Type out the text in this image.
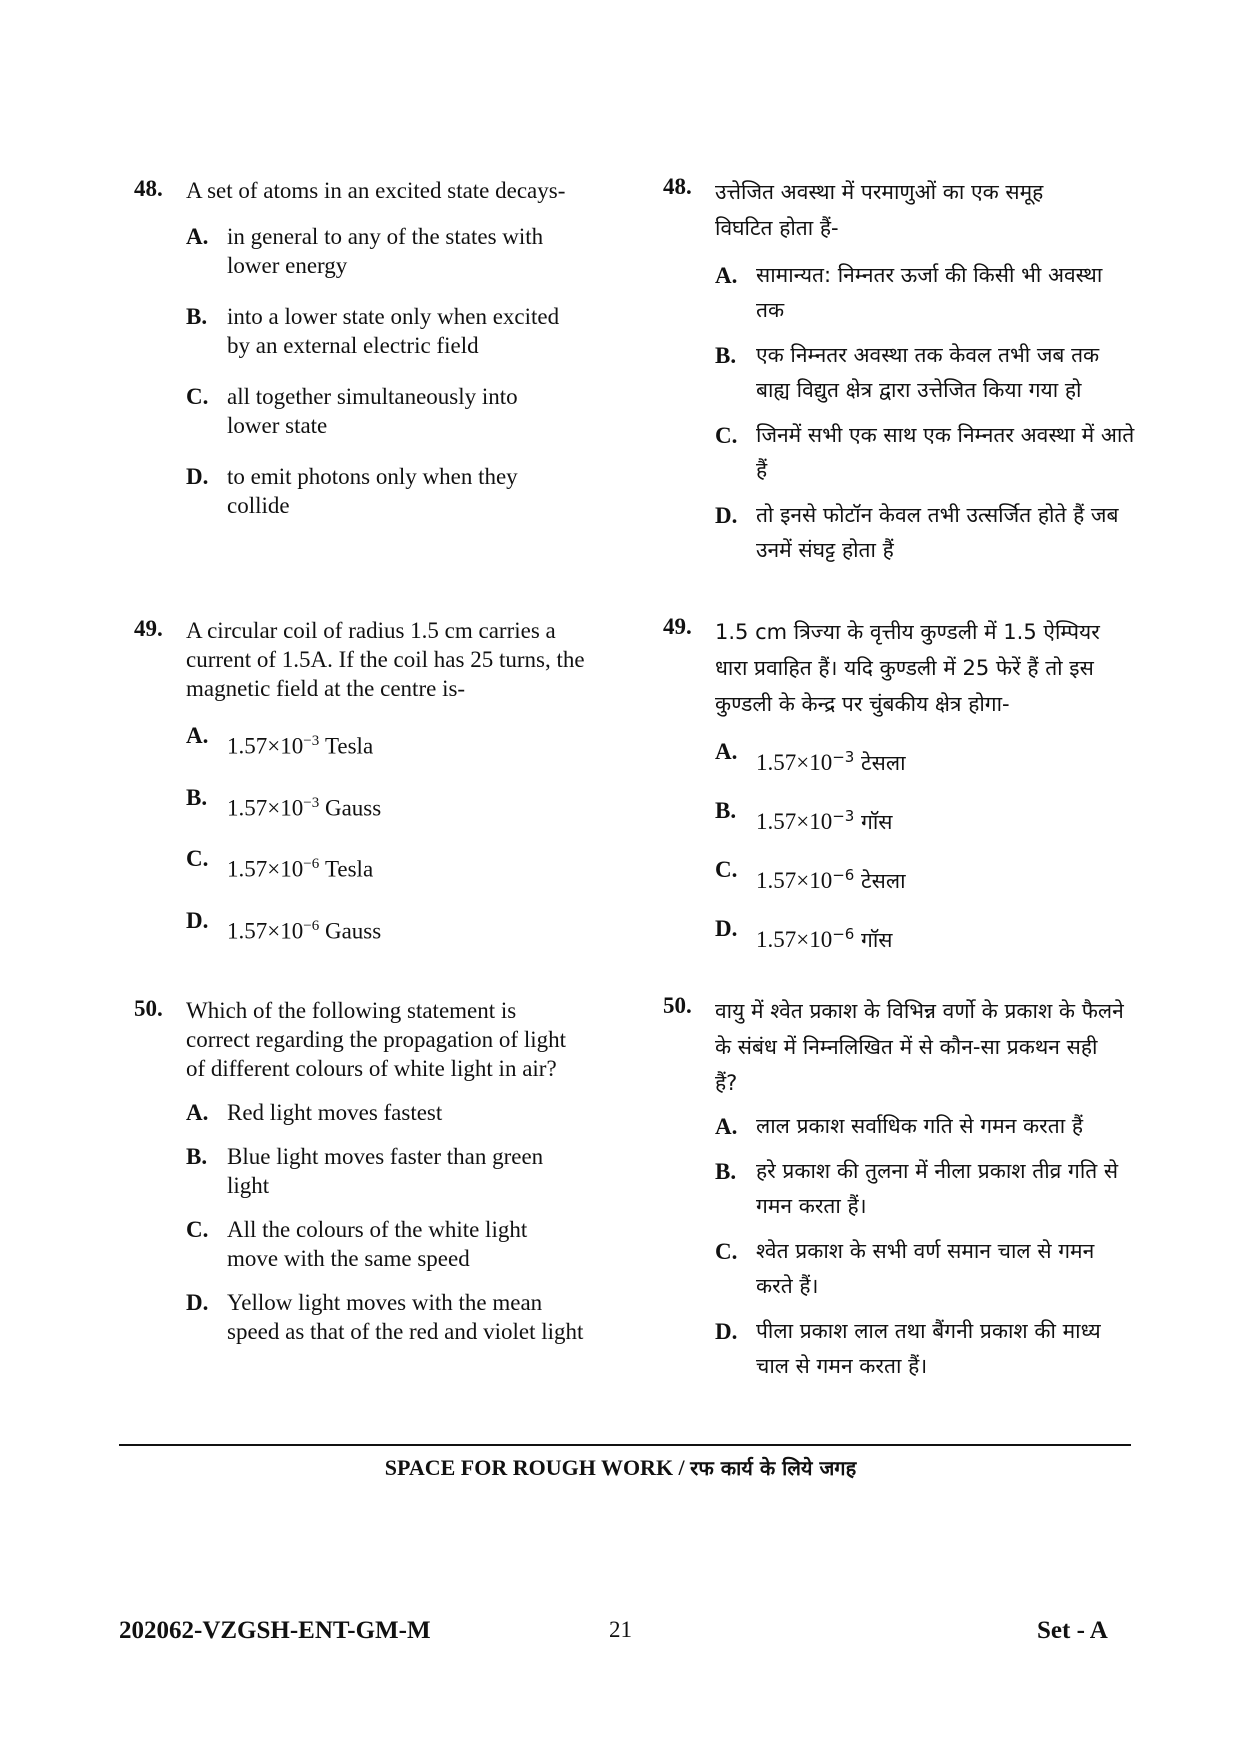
48. A set of atoms in an excited state decays-
A. in general to any of the states with lower energy
B. into a lower state only when excited by an external electric field
C. all together simultaneously into lower state
D. to emit photons only when they collide
49. A circular coil of radius 1.5 cm carries a current of 1.5A. If the coil has 25 turns, the magnetic field at the centre is-
A. $1.57\times 10^{-3}$ Tesla
B. $1.57\times 10^{-3}$ Gauss
C. $1.57\times 10^{-6}$ Tesla
D. $1.57\times 10^{-6}$ Gauss
50. Which of the following statement is correct regarding the propagation of light of different colours of white light in air?
A. Red light moves fastest
B. Blue light moves faster than green light
C. All the colours of the white light move with the same speed
D. Yellow light moves with the mean speed as that of the red and violet light
48. उत्तेजित अवस्था में परमाणुओं का एक समूह विघटित होता हैं-
A. सामान्यत: निम्नतर ऊर्जा की किसी भी अवस्था तक
B. एक निम्नतर अवस्था तक केवल तभी जब तक बाह्य विद्युत क्षेत्र द्वारा उत्तेजित किया गया हो
C. जिनमें सभी एक साथ एक निम्नतर अवस्था में आते हैं
D. तो इनसे फोटॉन केवल तभी उत्सर्जित होते हैं जब उनमें संघट्ट होता हैं
49. 1.5 cm त्रिज्या के वृत्तीय कुण्डली में 1.5 ऐम्पियर धारा प्रवाहित हैं। यदि कुण्डली में 25 फेरें हैं तो इस कुण्डली के केन्द्र पर चुंबकीय क्षेत्र होगा-
A. $1.57\times 10^{-3}$ टेसला
B. $1.57\times 10^{-3}$ गॉस
C. $1.57\times 10^{-6}$ टेसला
D. $1.57\times 10^{-6}$ गॉस
50. वायु में श्वेत प्रकाश के विभिन्न वर्णो के प्रकाश के फैलने के संबंध में निम्नलिखित में से कौन-सा प्रकथन सही हैं?
A. लाल प्रकाश सर्वाधिक गति से गमन करता हैं
B. हरे प्रकाश की तुलना में नीला प्रकाश तीव्र गति से गमन करता हैं।
C. श्वेत प्रकाश के सभी वर्ण समान चाल से गमन करते हैं।
D. पीला प्रकाश लाल तथा बैंगनी प्रकाश की माध्य चाल से गमन करता हैं।
SPACE FOR ROUGH WORK / रफ कार्य के लिये जगह
202062-VZGSH-ENT-GM-M	21	Set - A
